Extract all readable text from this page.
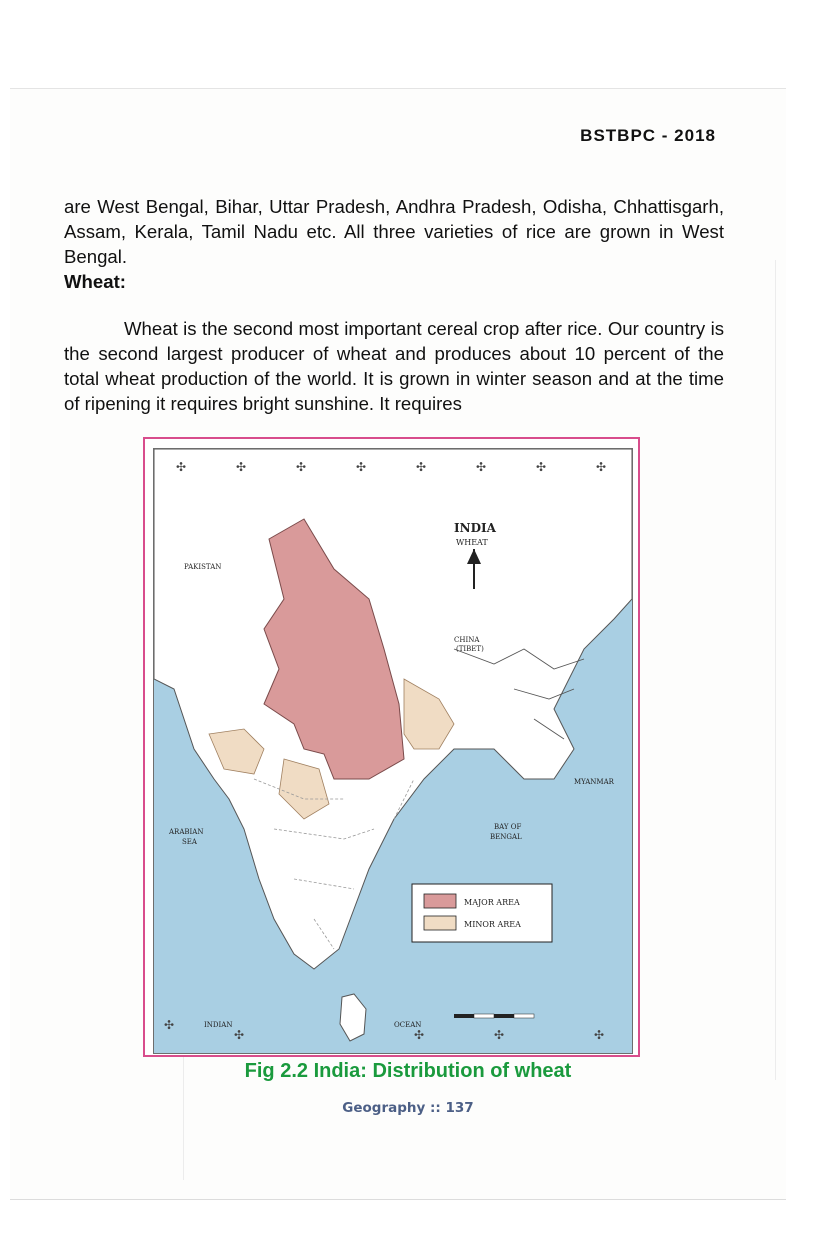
BSTBPC - 2018
are West Bengal, Bihar, Uttar Pradesh, Andhra Pradesh, Odisha, Chhattisgarh, Assam, Kerala, Tamil Nadu etc. All three varieties of rice are grown in West Bengal.
Wheat:
Wheat is the second most important cereal crop after rice. Our country is the second largest producer of wheat and produces about 10 percent of the total wheat production of the world. It is grown in winter season and at the time of ripening it requires bright sunshine. It requires
✣	✣	✣	✣	✣	✣	✣	✣
✣
✣	✣	✣	✣
MAJOR AREA
MINOR AREA
INDIA
WHEAT
PAKISTAN
CHINA
(TIBET)
ARABIAN
SEA
BAY OF
BENGAL
MYANMAR
INDIAN	OCEAN
Fig 2.2 India: Distribution of wheat
Geography :: 137
